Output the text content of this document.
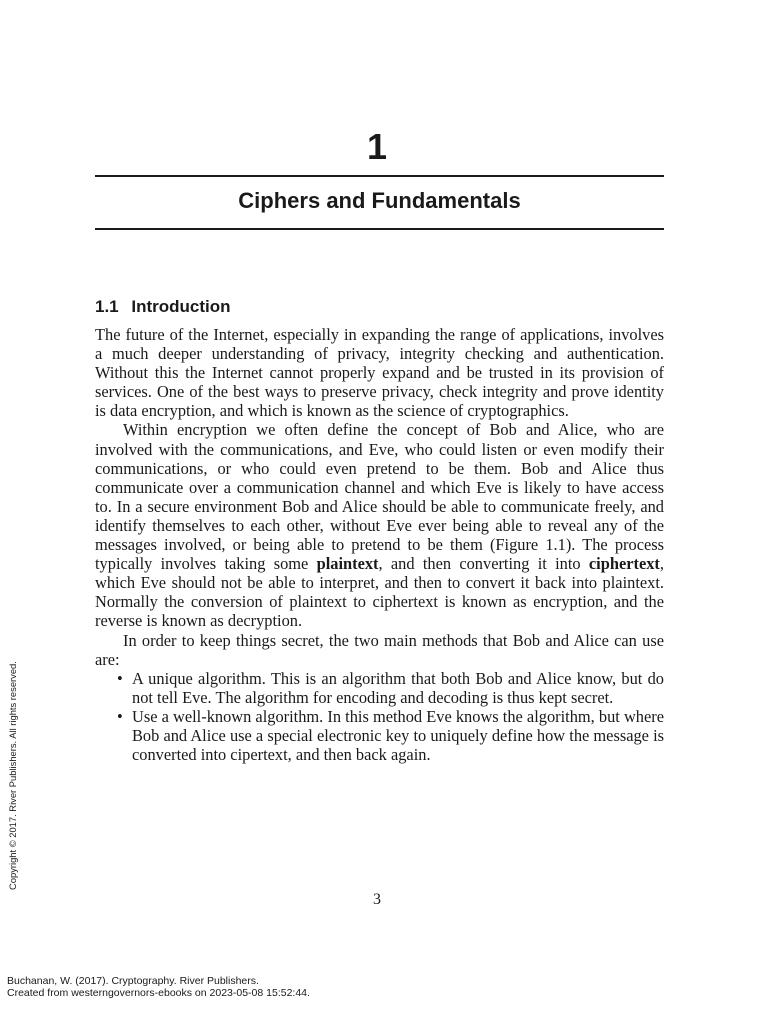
1
Ciphers and Fundamentals
1.1 Introduction

The future of the Internet, especially in expanding the range of applications, involves a much deeper understanding of privacy, integrity checking and authentication. Without this the Internet cannot properly expand and be trusted in its provision of services. One of the best ways to preserve privacy, check integrity and prove identity is data encryption, and which is known as the science of cryptographics.

Within encryption we often define the concept of Bob and Alice, who are involved with the communications, and Eve, who could listen or even modify their communications, or who could even pretend to be them. Bob and Alice thus communicate over a communication channel and which Eve is likely to have access to. In a secure environment Bob and Alice should be able to communicate freely, and identify themselves to each other, without Eve ever being able to reveal any of the messages involved, or being able to pretend to be them (Figure 1.1). The process typically involves taking some plaintext, and then converting it into ciphertext, which Eve should not be able to interpret, and then to convert it back into plaintext. Normally the conversion of plaintext to ciphertext is known as encryption, and the reverse is known as decryption.

In order to keep things secret, the two main methods that Bob and Alice can use are:

• A unique algorithm. This is an algorithm that both Bob and Alice know, but do not tell Eve. The algorithm for encoding and decoding is thus kept secret.
• Use a well-known algorithm. In this method Eve knows the algorithm, but where Bob and Alice use a special electronic key to uniquely define how the message is converted into cipertext, and then back again.
3
Copyright © 2017. River Publishers. All rights reserved.
Buchanan, W. (2017). Cryptography. River Publishers.
Created from westerngovernors-ebooks on 2023-05-08 15:52:44.
